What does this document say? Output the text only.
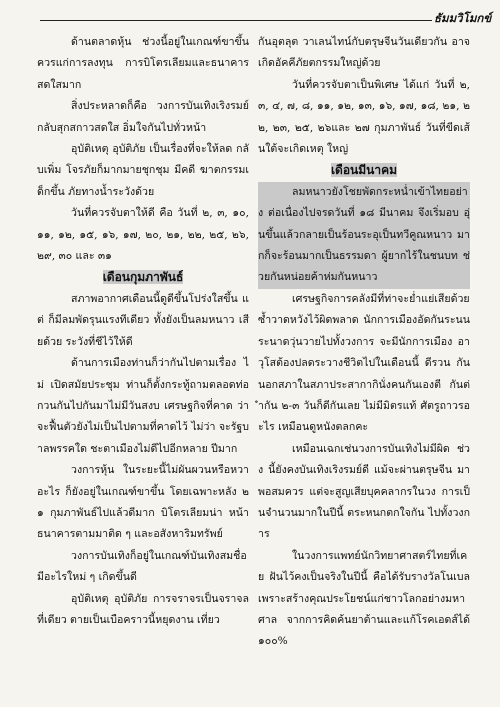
ธัมมวิโมกข์

ด้านตลาดหุ้น ช่วงนี้อยู่ในเกณฑ์ขาขึ้น ควรแก่การลงทุน การบิโตรเลียมและธนาคาร สดใสมาก

สิ่งประหลาดก็คือ วงการบันเทิงเริงรมย์ กลับสุกสกาวสดใส อิ่มใจกันไปทั่วหน้า

อุบัติเหตุ อุบัติภัย เป็นเรื่องที่จะให้ลด กลับเพิ่ม โจรภัยก็มากมายชุกชุม มีคดี ฆาตกรรมเด็กขึ้น ภัยทางน้ำระวังด้วย

วันที่ควรจับตาให้ดี คือ วันที่ ๒, ๓, ๑๐, ๑๑, ๑๒, ๑๕, ๑๖, ๑๗, ๒๐, ๒๑, ๒๒, ๒๕, ๒๖, ๒๙, ๓๐ และ ๓๑

เดือนกุมภาพันธ์

สภาพอากาศเดือนนี้ดูดีขึ้นโปร่งใสขึ้น แต่ ก็มีลมพัดรุนแรงทีเดียว ทั้งยังเป็นลมหนาว เสียด้วย ระวังที่ชีไว้ให้ดี

ด้านการเมืองท่านก็ว่ากันไปตามเรื่อง ไม่ เปิดสมัยประชุม ท่านก็ตั้งกระทู้ถามตลอดท่อ กวนกันไปกันมาไม่มีวันสงบ เศรษฐกิจที่คาด ว่าจะฟื้นตัวยังไม่เป็นไปตามที่คาดไว้ ไม่ว่า จะรัฐบาลพรรคใด ชะตาเมืองไม่ดีไปอีกหลาย ปีมาก

วงการหุ้น ในระยะนี้ไม่ผันผวนหรือหวา อะไร ก็ยังอยู่ในเกณฑ์ขาขึ้น โดยเฉพาะหลัง ๒๑ กุมภาพันธ์ไปแล้วดีมาก บิโตรเลียมน่า หน้า ธนาคารตามมาติด ๆ และอสังหาริมทรัพย์

วงการบันเทิงก็อยู่ในเกณฑ์บันเทิงสมชื่อ มีอะไรใหม่ ๆ เกิดขึ้นดี

อุบัติเหตุ อุบัติภัย การจราจรเป็นจราจล ที่เดียว ตายเป็นเบือคราวนี้หยุดงาน เที่ยว

กันอุตลุต วาเลนไทน์กับตรุษจีนวันเดียวกัน อาจเกิดอัคคีภัยตกรรมใหญ่ด้วย

วันที่ควรจับตาเป็นพิเศษ ได้แก่ วันที่ ๒, ๓, ๔, ๗, ๘, ๑๑, ๑๒, ๑๓, ๑๖, ๑๗, ๑๘, ๒๑, ๒๒, ๒๓, ๒๕, ๒๖และ ๒๗ กุมภาพันธ์ วันที่ขีดเส้นใต้จะเกิดเหตุ ใหญ่

เดือนมีนาคม

ลมหนาวยังโชยพัดกระหน่ำเข้าไทยอย่าง ต่อเนื่องไปจรดวันที่ ๑๘ มีนาคม จึงเริ่มอบ อุ่นขึ้นแล้วกลายเป็นร้อนระอุเป็นทวีคูณหนาว มากก็จะร้อนมากเป็นธรรมดา ผู้ยากไร้ในชนบท ช่วยกันหน่อยค้าห่มกันหนาว

เศรษฐกิจการคลังมีที่ท่าจะย่ำแย่เสียด้วย ซ้ำวาดหวังไว้ผิดพลาด นักการเมืองอัดกันระนน ระนาดวุ่นวายไปทั้งวงการ จะมีนักการเมือง อาวุโสต้องปลดระวางชีวิตไปในเดือนนี้ ดีรวน กันนอกสภาในสภาประสากากินั่งคนกันเองตี กันต่ำกัน ๒-๓ วันก็ดีกันเลย ไม่มีมิตรแท้ ศัตรูถาวรอะไร เหมือนดูหนังตลกคะ

เหมือนเฉกเช่นวงการบันเทิงไม่มีผิด ช่วง นี้ยังคงบันเทิงเริงรมย์ดี แม้จะผ่านตรุษจีน มาพอสมควร แต่จะสูญเสียบุคคลากรในวง การเป็นจำนวนมากในปีนี้ ตระหนกตกใจกัน ไปทั้งวงการ

ในวงการแพทย์นักวิทยาศาสตร์ไทยที่เคย ฝันไว้คงเป็นจริงในปีนี้ คือได้รับรางวัลโนเบล เพราะสร้างคุณประโยชน์แก่ชาวโลกอย่างมหาศาล จากการคิดค้นยาต้านและแก้โรคเอดส์ได้ ๑๐๐%
